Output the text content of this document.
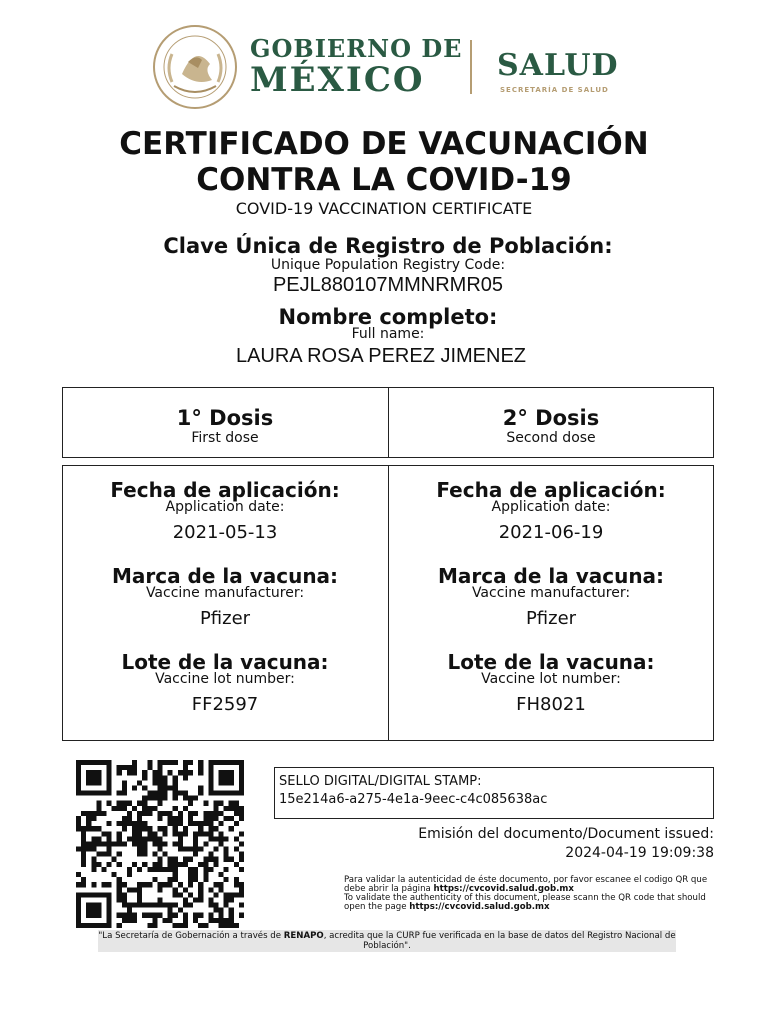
GOBIERNO DE
MÉXICO SALUD
SECRETARÍA DE SALUD
CERTIFICADO DE VACUNACIÓN
CONTRA LA COVID-19
COVID-19 VACCINATION CERTIFICATE
Clave Única de Registro de Población:
Unique Population Registry Code:
PEJL880107MMNRMR05
Nombre completo:
Full name:
LAURA ROSA PEREZ JIMENEZ
1° Dosis
First dose
2° Dosis
Second dose
Fecha de aplicación:
Application date:
2021-05-13
Marca de la vacuna:
Vaccine manufacturer:
Pfizer
Lote de la vacuna:
Vaccine lot number:
FF2597
Fecha de aplicación:
Application date:
2021-06-19
Marca de la vacuna:
Vaccine manufacturer:
Pfizer
Lote de la vacuna:
Vaccine lot number:
FH8021
SELLO DIGITAL/DIGITAL STAMP:
15e214a6-a275-4e1a-9eec-c4c085638ac
Emisión del documento/Document issued:
2024-04-19 19:09:38
Para validar la autenticidad de éste documento, por favor escanee el codigo QR que debe abrir la página https://cvcovid.salud.gob.mx
To validate the authenticity of this document, please scann the QR code that should open the page https://cvcovid.salud.gob.mx
"La Secretaría de Gobernación a través de RENAPO, acredita que la CURP fue verificada en la base de datos del Registro Nacional de Población".
